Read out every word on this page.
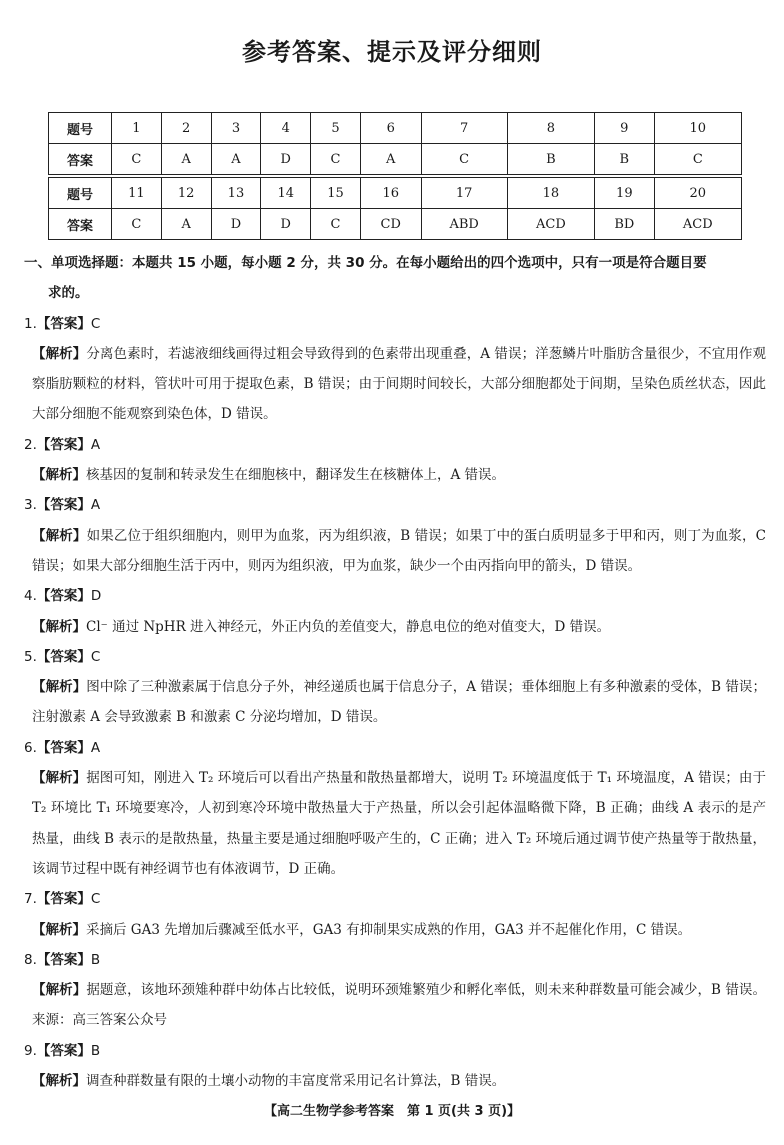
参考答案、提示及评分细则
题号	1	2	3	4	5	6	7	8	9	10
答案	C	A	A	D	C	A	C	B	B	C

题号	11	12	13	14	15	16	17	18	19	20
答案	C	A	D	D	C	CD	ABD	ACD	BD	ACD
一、单项选择题：本题共 15 小题，每小题 2 分，共 30 分。在每小题给出的四个选项中，只有一项是符合题目要
求的。
1.【答案】C
【解析】分离色素时，若滤液细线画得过粗会导致得到的色素带出现重叠，A 错误；洋葱鳞片叶脂肪含量很少，不宜用作观察脂肪颗粒的材料，管状叶可用于提取色素，B 错误；由于间期时间较长，大部分细胞都处于间期，呈染色质丝状态，因此大部分细胞不能观察到染色体，D 错误。
2.【答案】A
【解析】核基因的复制和转录发生在细胞核中，翻译发生在核糖体上，A 错误。
3.【答案】A
【解析】如果乙位于组织细胞内，则甲为血浆，丙为组织液，B 错误；如果丁中的蛋白质明显多于甲和丙，则丁为血浆，C 错误；如果大部分细胞生活于丙中，则丙为组织液，甲为血浆，缺少一个由丙指向甲的箭头，D 错误。
4.【答案】D
【解析】Cl⁻ 通过 NpHR 进入神经元，外正内负的差值变大，静息电位的绝对值变大，D 错误。
5.【答案】C
【解析】图中除了三种激素属于信息分子外，神经递质也属于信息分子，A 错误；垂体细胞上有多种激素的受体，B 错误；注射激素 A 会导致激素 B 和激素 C 分泌均增加，D 错误。
6.【答案】A
【解析】据图可知，刚进入 T₂ 环境后可以看出产热量和散热量都增大，说明 T₂ 环境温度低于 T₁ 环境温度，A 错误；由于 T₂ 环境比 T₁ 环境要寒冷，人初到寒冷环境中散热量大于产热量，所以会引起体温略微下降，B 正确；曲线 A 表示的是产热量，曲线 B 表示的是散热量，热量主要是通过细胞呼吸产生的，C 正确；进入 T₂ 环境后通过调节使产热量等于散热量，该调节过程中既有神经调节也有体液调节，D 正确。
7.【答案】C
【解析】采摘后 GA3 先增加后骤减至低水平，GA3 有抑制果实成熟的作用，GA3 并不起催化作用，C 错误。
8.【答案】B
【解析】据题意，该地环颈雉种群中幼体占比较低，说明环颈雉繁殖少和孵化率低，则未来种群数量可能会减少，B 错误。来源：高三答案公众号
9.【答案】B
【解析】调查种群数量有限的土壤小动物的丰富度常采用记名计算法，B 错误。
【高二生物学参考答案　第 1 页(共 3 页)】
